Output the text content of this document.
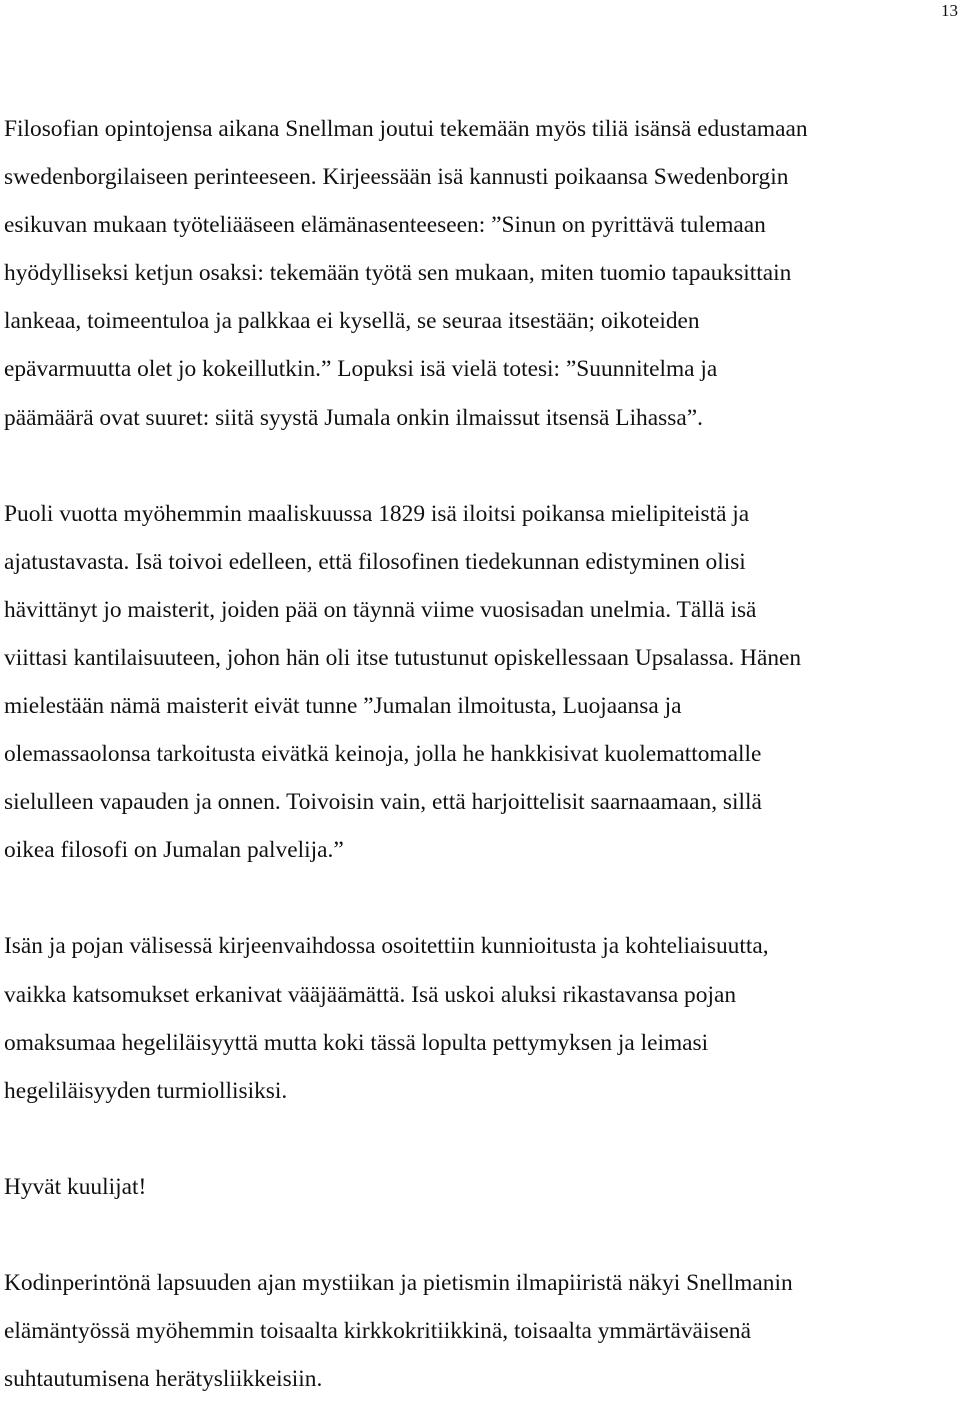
13

Filosofian opintojensa aikana Snellman joutui tekemään myös tiliä isänsä edustamaan
swedenborgilaiseen perinteeseen. Kirjeessään isä kannusti poikaansa Swedenborgin
esikuvan mukaan työteliääseen elämänasenteeseen: ”Sinun on pyrittävä tulemaan
hyödylliseksi ketjun osaksi: tekemään työtä sen mukaan, miten tuomio tapauksittain
lankeaa, toimeentuloa ja palkkaa ei kysellä, se seuraa itsestään; oikoteiden
epävarmuutta olet jo kokeillutkin.” Lopuksi isä vielä totesi: ”Suunnitelma ja
päämäärä ovat suuret: siitä syystä Jumala onkin ilmaissut itsensä Lihassa”.

Puoli vuotta myöhemmin maaliskuussa 1829 isä iloitsi poikansa mielipiteistä ja
ajatustavasta. Isä toivoi edelleen, että filosofinen tiedekunnan edistyminen olisi
hävittänyt jo maisterit, joiden pää on täynnä viime vuosisadan unelmia. Tällä isä
viittasi kantilaisuuteen, johon hän oli itse tutustunut opiskellessaan Upsalassa. Hänen
mielestään nämä maisterit eivät tunne ”Jumalan ilmoitusta, Luojaansa ja
olemassaolonsa tarkoitusta eivätkä keinoja, jolla he hankkisivat kuolemattomalle
sielulleen vapauden ja onnen. Toivoisin vain, että harjoittelisit saarnaamaan, sillä
oikea filosofi on Jumalan palvelija.”

Isän ja pojan välisessä kirjeenvaihdossa osoitettiin kunnioitusta ja kohteliaisuutta,
vaikka katsomukset erkanivat vääjäämättä. Isä uskoi aluksi rikastavansa pojan
omaksumaa hegeliläisyyttä mutta koki tässä lopulta pettymyksen ja leimasi
hegeliläisyyden turmiollisiksi.

Hyvät kuulijat!

Kodinperintönä lapsuuden ajan mystiikan ja pietismin ilmapiiristä näkyi Snellmanin
elämäntyössä myöhemmin toisaalta kirkkokritiikkinä, toisaalta ymmärtäväisenä
suhtautumisena herätysliikkeisiin.
